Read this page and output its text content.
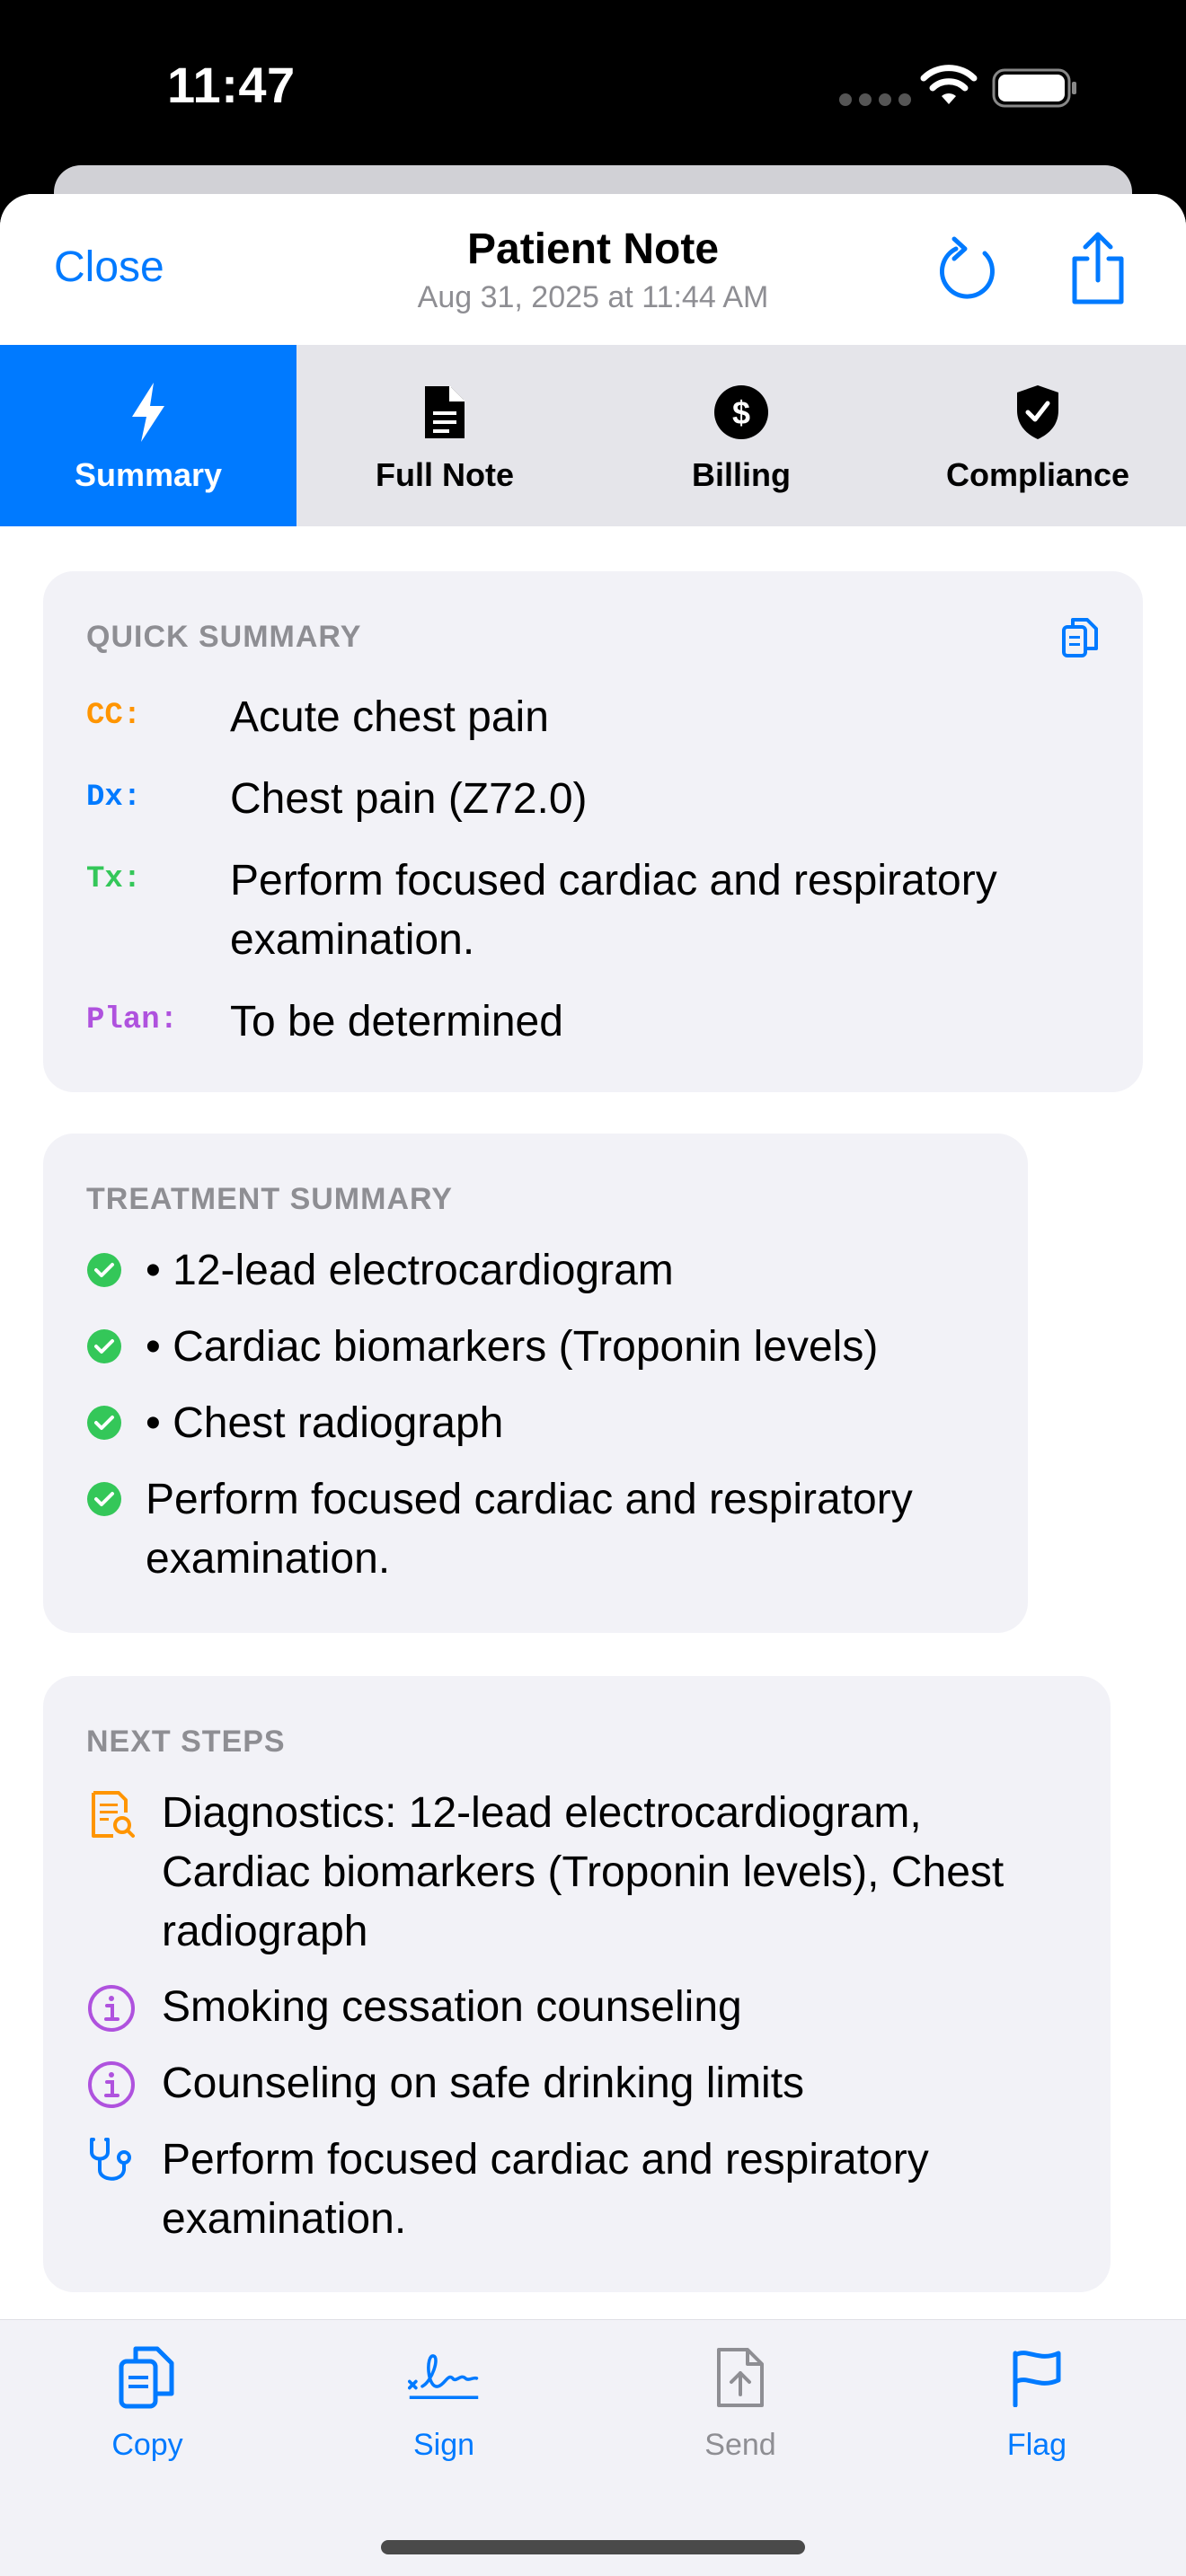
11:47
Close	Patient Note
Aug 31, 2025 at 11:44 AM
Summary	Full Note
$
Billing	Compliance
QUICK SUMMARY
CC: Acute chest pain
Dx: Chest pain (Z72.0)
Tx: Perform focused cardiac and respiratory examination.
Plan: To be determined
TREATMENT SUMMARY
• 12-lead electrocardiogram
• Cardiac biomarkers (Troponin levels)
• Chest radiograph
Perform focused cardiac and respiratory examination.
NEXT STEPS
Diagnostics: 12-lead electrocardiogram, Cardiac biomarkers (Troponin levels), Chest radiograph
Smoking cessation counseling
Counseling on safe drinking limits
Perform focused cardiac and respiratory examination.
Copy	Sign	Send	Flag
